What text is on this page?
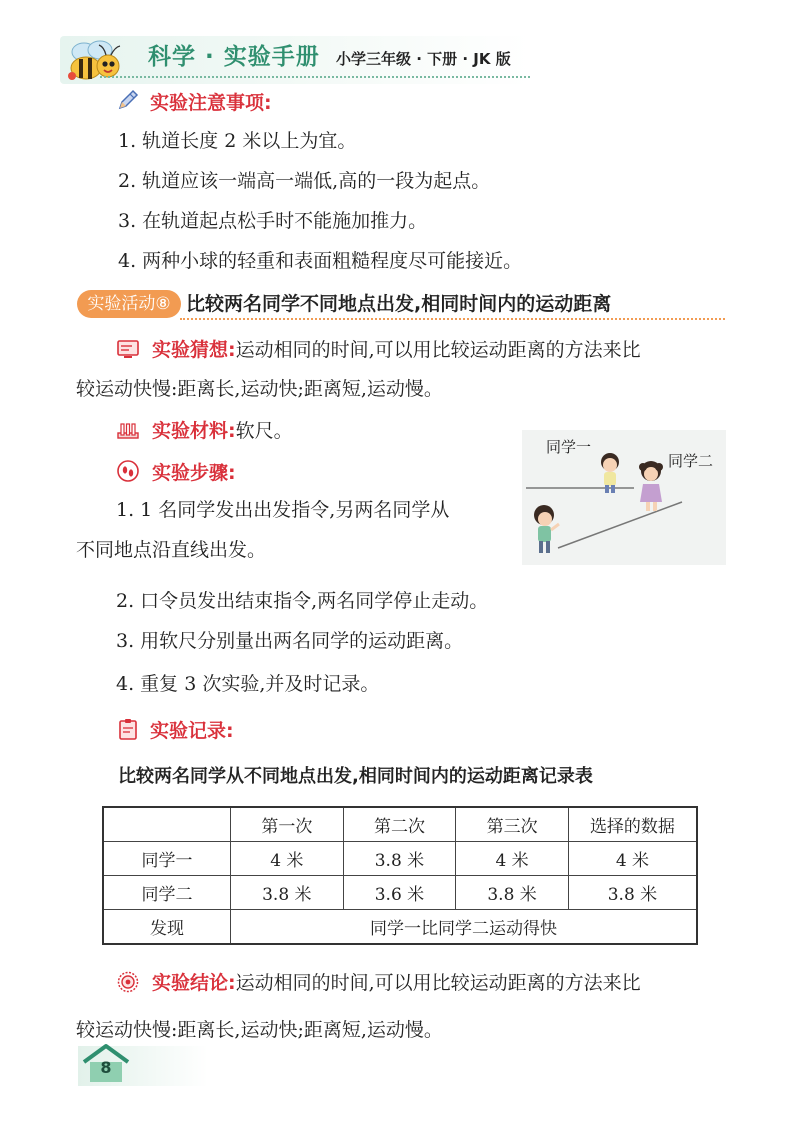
科学 · 实验手册 小学三年级 · 下册 · JK 版
实验注意事项:
1. 轨道长度 2 米以上为宜。
2. 轨道应该一端高一端低,高的一段为起点。
3. 在轨道起点松手时不能施加推力。
4. 两种小球的轻重和表面粗糙程度尽可能接近。
实验活动⑧ 比较两名同学不同地点出发,相同时间内的运动距离
实验猜想:运动相同的时间,可以用比较运动距离的方法来比
较运动快慢:距离长,运动快;距离短,运动慢。
实验材料:软尺。
同学一
同学二
实验步骤:
1. 1 名同学发出出发指令,另两名同学从
不同地点沿直线出发。
2. 口令员发出结束指令,两名同学停止走动。
3. 用软尺分别量出两名同学的运动距离。
4. 重复 3 次实验,并及时记录。
实验记录:
比较两名同学从不同地点出发,相同时间内的运动距离记录表
	第一次	第二次	第三次	选择的数据
同学一	4 米	3.8 米	4 米	4 米
同学二	3.8 米	3.6 米	3.8 米	3.8 米
发现	同学一比同学二运动得快			
实验结论:运动相同的时间,可以用比较运动距离的方法来比
较运动快慢:距离长,运动快;距离短,运动慢。
8
